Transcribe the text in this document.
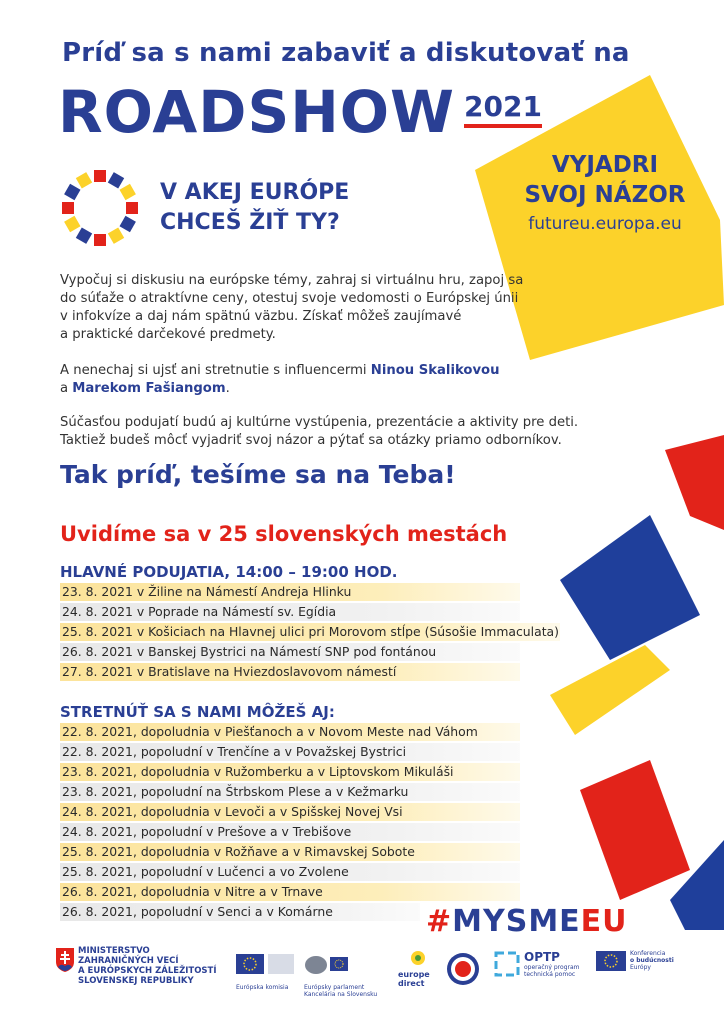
Príď sa s nami zabaviť a diskutovať na
ROADSHOW 2021
VYJADRI
SVOJ NÁZOR
futureu.europa.eu
V AKEJ EURÓPE
CHCEŠ ŽIŤ TY?
Vypočuj si diskusiu na európske témy, zahraj si virtuálnu hru, zapoj sa
do súťaže o atraktívne ceny, otestuj svoje vedomosti o Európskej únii
v infokvíze a daj nám spätnú väzbu. Získať môžeš zaujímavé
a praktické darčekové predmety.
A nenechaj si ujsť ani stretnutie s influencermi Ninou Skalikovou
a Marekom Fašiangom.
Súčasťou podujatí budú aj kultúrne vystúpenia, prezentácie a aktivity pre deti.
Taktiež budeš môcť vyjadriť svoj názor a pýtať sa otázky priamo odborníkov.
Tak príď, tešíme sa na Teba!
Uvidíme sa v 25 slovenských mestách
HLAVNÉ PODUJATIA, 14:00 – 19:00 HOD.
23. 8. 2021 v Žiline na Námestí Andreja Hlinku
24. 8. 2021 v Poprade na Námestí sv. Egídia
25. 8. 2021 v Košiciach na Hlavnej ulici pri Morovom stĺpe (Súsošie Immaculata)
26. 8. 2021 v Banskej Bystrici na Námestí SNP pod fontánou
27. 8. 2021 v Bratislave na Hviezdoslavovom námestí
STRETNÚŤ SA S NAMI MÔŽEŠ AJ:
22. 8. 2021, dopoludnia v Piešťanoch a v Novom Meste nad Váhom
22. 8. 2021, popoludní v Trenčíne a v Považskej Bystrici
23. 8. 2021, dopoludnia v Ružomberku a v Liptovskom Mikuláši
23. 8. 2021, popoludní na Štrbskom Plese a v Kežmarku
24. 8. 2021, dopoludnia v Levoči a v Spišskej Novej Vsi
24. 8. 2021, popoludní v Prešove a v Trebišove
25. 8. 2021, dopoludnia v Rožňave a v Rimavskej Sobote
25. 8. 2021, popoludní v Lučenci a vo Zvolene
26. 8. 2021, dopoludnia v Nitre a v Trnave
26. 8. 2021, popoludní v Senci a v Komárne	#MYSMEEU
MINISTERSTVO
ZAHRANIČNÝCH VECÍ
A EURÓPSKYCH ZÁLEŽITOSTÍ
SLOVENSKEJ REPUBLIKY
Európska komisia	Európsky parlament Kancelária na Slovensku
europe
direct
OPTP
operačný program
technická pomoc
Konferencia
o budúcnosti
Európy
